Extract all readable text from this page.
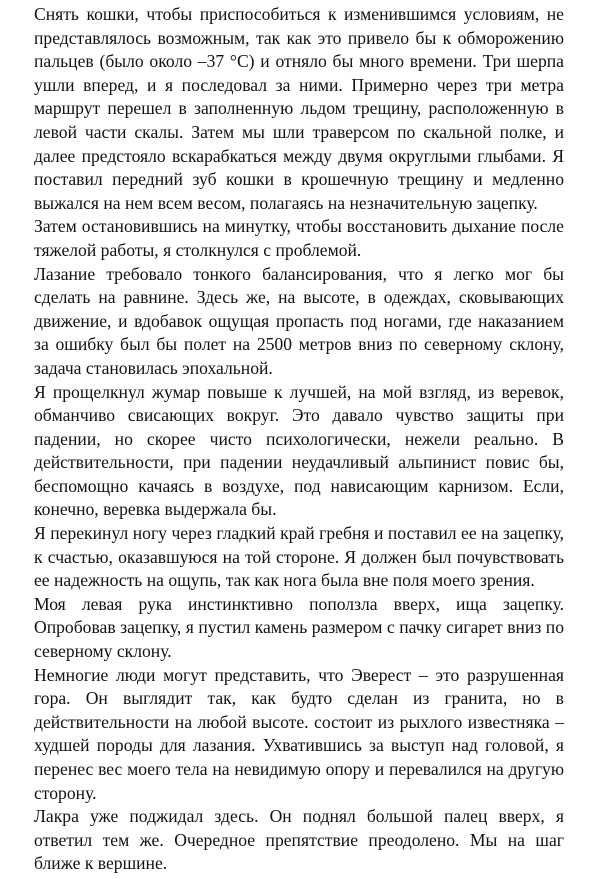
Снять кошки, чтобы приспособиться к изменившимся условиям, не представлялось возможным, так как это привело бы к обморожению пальцев (было около –37 °С) и отняло бы много времени. Три шерпа ушли вперед, и я последовал за ними. Примерно через три метра маршрут перешел в заполненную льдом трещину, расположенную в левой части скалы. Затем мы шли траверсом по скальной полке, и далее предстояло вскарабкаться между двумя округлыми глыбами. Я поставил передний зуб кошки в крошечную трещину и медленно выжался на нем всем весом, полагаясь на незначительную зацепку.

Затем остановившись на минутку, чтобы восстановить дыхание после тяжелой работы, я столкнулся с проблемой.

Лазание требовало тонкого балансирования, что я легко мог бы сделать на равнине. Здесь же, на высоте, в одеждах, сковывающих движение, и вдобавок ощущая пропасть под ногами, где наказанием за ошибку был бы полет на 2500 метров вниз по северному склону, задача становилась эпохальной.

Я прощелкнул жумар повыше к лучшей, на мой взгляд, из веревок, обманчиво свисающих вокруг. Это давало чувство защиты при падении, но скорее чисто психологически, нежели реально. В действительности, при падении неудачливый альпинист повис бы, беспомощно качаясь в воздухе, под нависающим карнизом. Если, конечно, веревка выдержала бы.

Я перекинул ногу через гладкий край гребня и поставил ее на зацепку, к счастью, оказавшуюся на той стороне. Я должен был почувствовать ее надежность на ощупь, так как нога была вне поля моего зрения.

Моя левая рука инстинктивно поползла вверх, ища зацепку. Опробовав зацепку, я пустил камень размером с пачку сигарет вниз по северному склону.

Немногие люди могут представить, что Эверест – это разрушенная гора. Он выглядит так, как будто сделан из гранита, но в действительности на любой высоте. состоит из рыхлого известняка – худшей породы для лазания. Ухватившись за выступ над головой, я перенес вес моего тела на невидимую опору и перевалился на другую сторону.

Лакра уже поджидал здесь. Он поднял большой палец вверх, я ответил тем же. Очередное препятствие преодолено. Мы на шаг ближе к вершине.
